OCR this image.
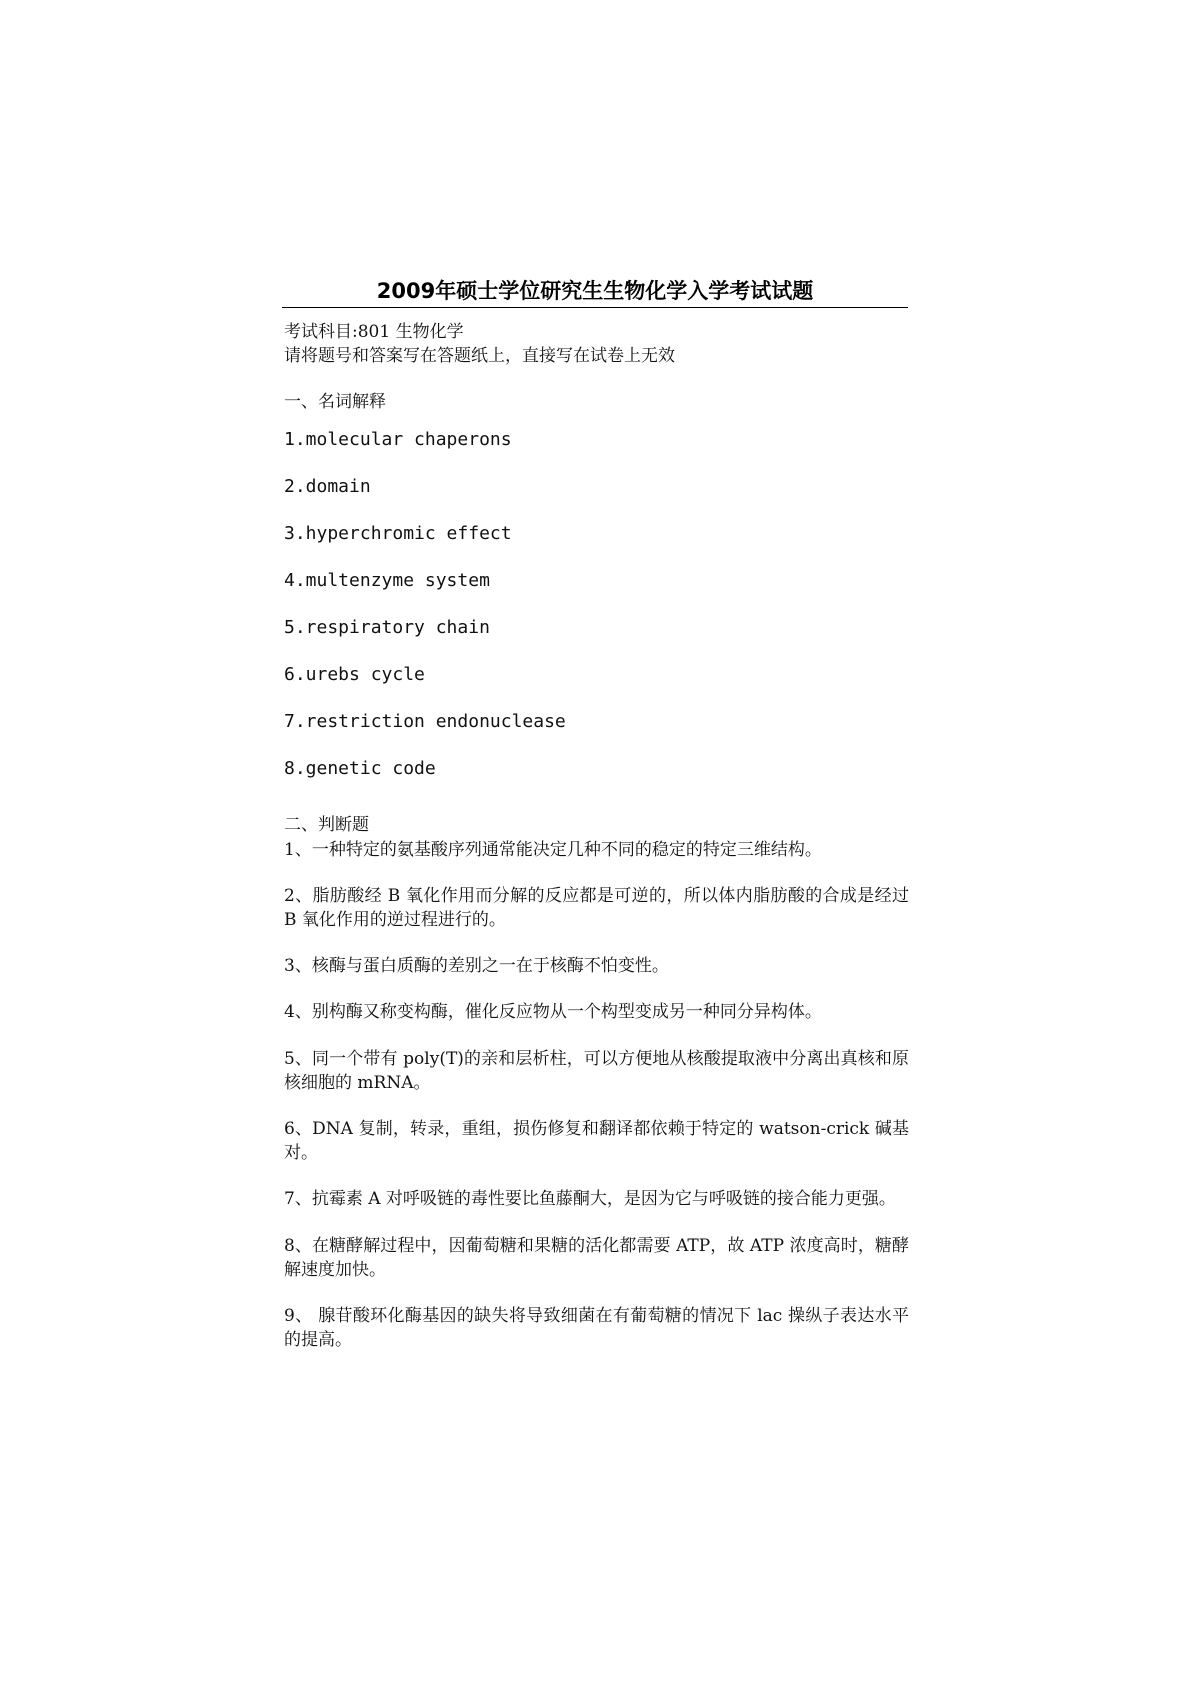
2009年硕士学位研究生生物化学入学考试试题

考试科目:801 生物化学

请将题号和答案写在答题纸上，直接写在试卷上无效

一、名词解释

1.molecular chaperons

2.domain

3.hyperchromic effect

4.multenzyme system

5.respiratory chain

6.urebs cycle

7.restriction endonuclease

8.genetic code

二、判断题

1、一种特定的氨基酸序列通常能决定几种不同的稳定的特定三维结构。

2、脂肪酸经 B 氧化作用而分解的反应都是可逆的，所以体内脂肪酸的合成是经过 B 氧化作用的逆过程进行的。

3、核酶与蛋白质酶的差别之一在于核酶不怕变性。

4、别构酶又称变构酶，催化反应物从一个构型变成另一种同分异构体。

5、同一个带有 poly(T)的亲和层析柱，可以方便地从核酸提取液中分离出真核和原核细胞的 mRNA。

6、DNA 复制，转录，重组，损伤修复和翻译都依赖于特定的 watson-crick 碱基对。

7、抗霉素 A 对呼吸链的毒性要比鱼藤酮大，是因为它与呼吸链的接合能力更强。

8、在糖酵解过程中，因葡萄糖和果糖的活化都需要 ATP，故 ATP 浓度高时，糖酵解速度加快。

9、 腺苷酸环化酶基因的缺失将导致细菌在有葡萄糖的情况下 lac 操纵子表达水平的提高。
